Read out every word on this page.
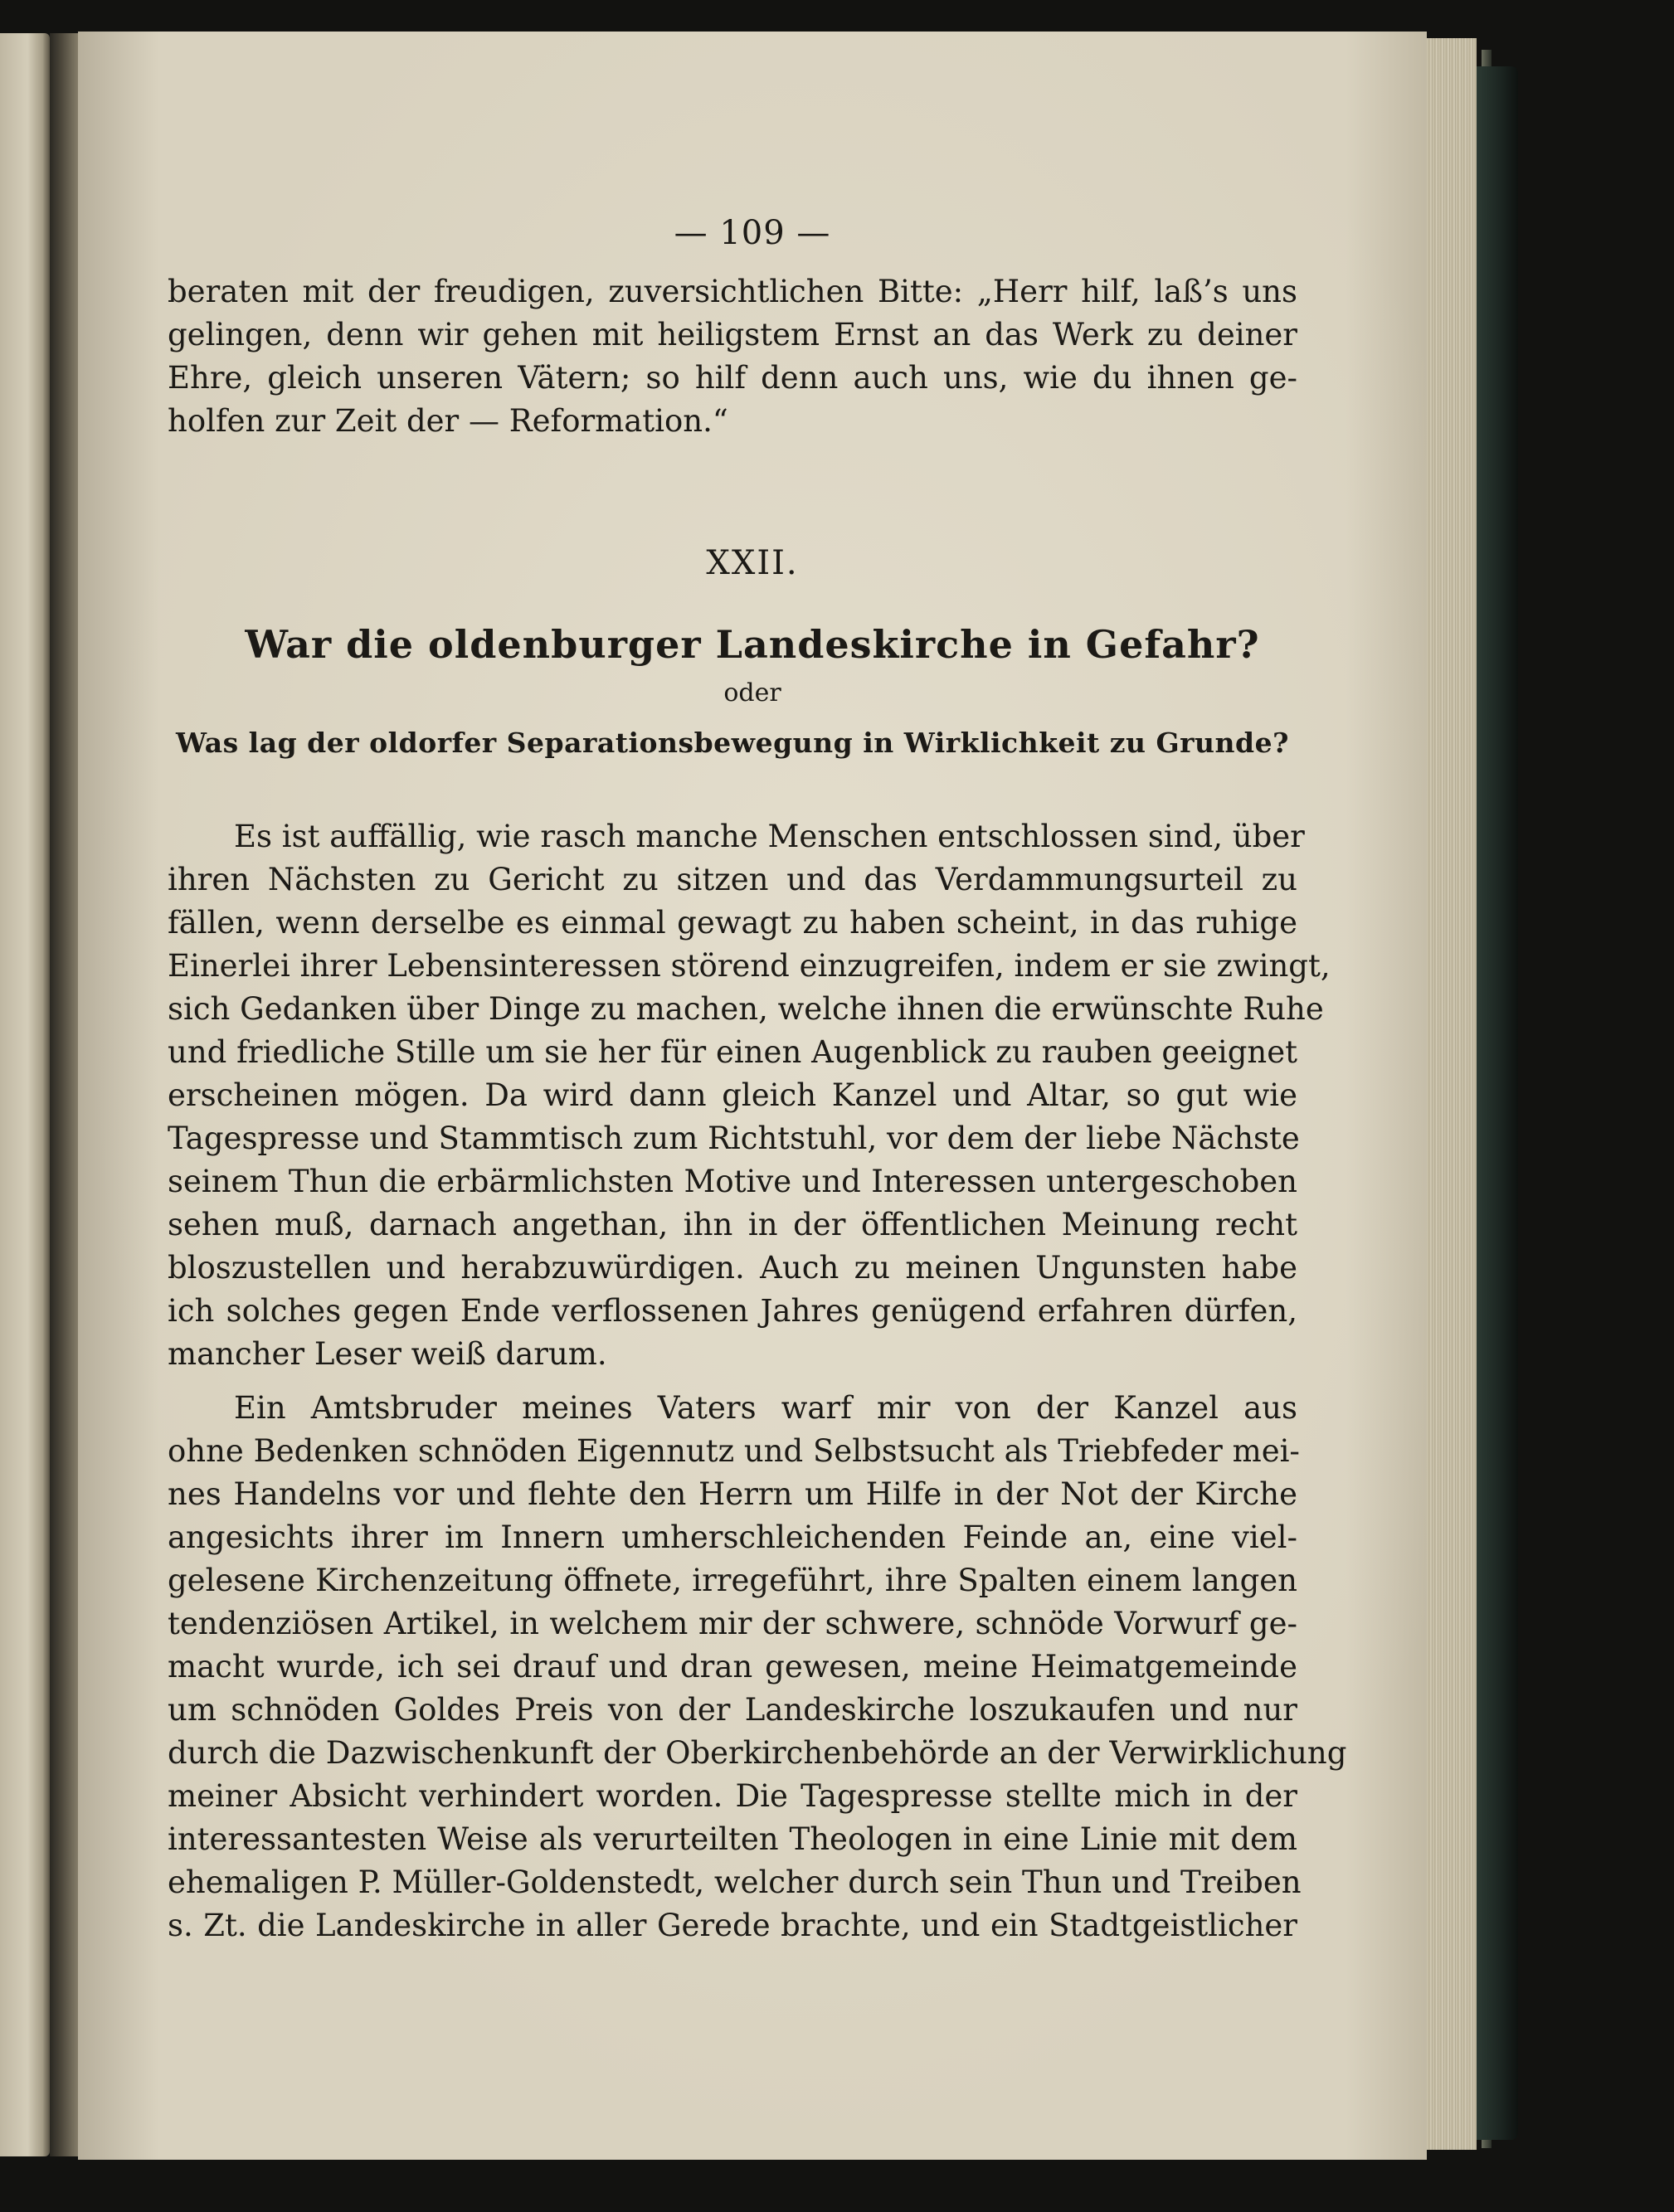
— 109 —
beraten mit der freudigen, zuversichtlichen Bitte: „Herr hilf, laß’s uns
gelingen, denn wir gehen mit heiligstem Ernst an das Werk zu deiner
Ehre, gleich unseren Vätern; so hilf denn auch uns, wie du ihnen ge-
holfen zur Zeit der — Reformation.“
XXII.
War die oldenburger Landeskirche in Gefahr?
oder
Was lag der oldorfer Separationsbewegung in Wirklichkeit zu Grunde?
Es ist auffällig, wie rasch manche Menschen entschlossen sind, über
ihren Nächsten zu Gericht zu sitzen und das Verdammungsurteil zu
fällen, wenn derselbe es einmal gewagt zu haben scheint, in das ruhige
Einerlei ihrer Lebensinteressen störend einzugreifen, indem er sie zwingt,
sich Gedanken über Dinge zu machen, welche ihnen die erwünschte Ruhe
und friedliche Stille um sie her für einen Augenblick zu rauben geeignet
erscheinen mögen. Da wird dann gleich Kanzel und Altar, so gut wie
Tagespresse und Stammtisch zum Richtstuhl, vor dem der liebe Nächste
seinem Thun die erbärmlichsten Motive und Interessen untergeschoben
sehen muß, darnach angethan, ihn in der öffentlichen Meinung recht
bloszustellen und herabzuwürdigen. Auch zu meinen Ungunsten habe
ich solches gegen Ende verflossenen Jahres genügend erfahren dürfen,
mancher Leser weiß darum.
Ein Amtsbruder meines Vaters warf mir von der Kanzel aus
ohne Bedenken schnöden Eigennutz und Selbstsucht als Triebfeder mei-
nes Handelns vor und flehte den Herrn um Hilfe in der Not der Kirche
angesichts ihrer im Innern umherschleichenden Feinde an, eine viel-
gelesene Kirchenzeitung öffnete, irregeführt, ihre Spalten einem langen
tendenziösen Artikel, in welchem mir der schwere, schnöde Vorwurf ge-
macht wurde, ich sei drauf und dran gewesen, meine Heimatgemeinde
um schnöden Goldes Preis von der Landeskirche loszukaufen und nur
durch die Dazwischenkunft der Oberkirchenbehörde an der Verwirklichung
meiner Absicht verhindert worden. Die Tagespresse stellte mich in der
interessantesten Weise als verurteilten Theologen in eine Linie mit dem
ehemaligen P. Müller-Goldenstedt, welcher durch sein Thun und Treiben
s. Zt. die Landeskirche in aller Gerede brachte, und ein Stadtgeistlicher
